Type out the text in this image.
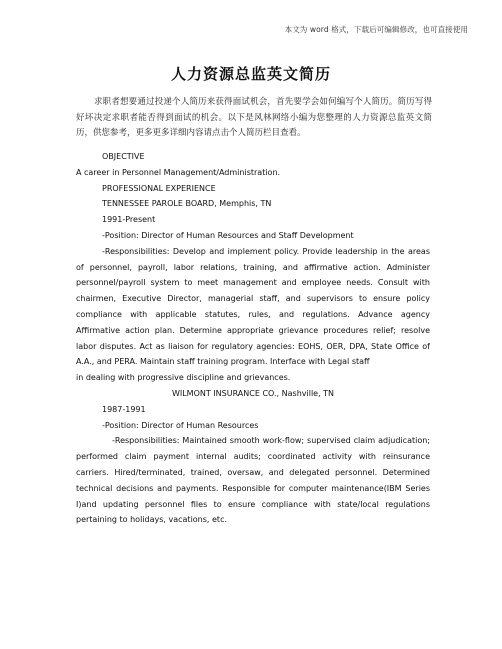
本文为 word 格式，下载后可编辑修改，也可直接使用
人力资源总监英文简历
求职者想要通过投递个人简历来获得面试机会，首先要学会如何编写个人简历。简历写得好坏决定求职者能否得到面试的机会。以下是风林网络小编为您整理的人力资源总监英文简历，供您参考，更多更多详细内容请点击个人简历栏目查看。

OBJECTIVE

A career in Personnel Management/Administration.

PROFESSIONAL EXPERIENCE

TENNESSEE PAROLE BOARD, Memphis, TN

1991-Present

-Position: Director of Human Resources and Staff Development

-Responsibilities: Develop and implement policy. Provide leadership in the areas of personnel, payroll, labor relations, training, and affirmative action. Administer personnel/payroll system to meet management and employee needs. Consult with chairmen, Executive Director, managerial staff, and supervisors to ensure policy compliance with applicable statutes, rules, and regulations. Advance agency Affirmative action plan. Determine appropriate grievance procedures relief; resolve labor disputes. Act as liaison for regulatory agencies: EOHS, OER, DPA, State Office of A.A., and PERA. Maintain staff training program. Interface with Legal staff

in dealing with progressive discipline and grievances.

WILMONT INSURANCE CO., Nashville, TN

1987-1991

-Position: Director of Human Resources

-Responsibilities: Maintained smooth work-flow; supervised claim adjudication; performed claim payment internal audits; coordinated activity with reinsurance carriers. Hired/terminated, trained, oversaw, and delegated personnel. Determined technical decisions and payments. Responsible for computer maintenance(IBM Series I)and updating personnel files to ensure compliance with state/local regulations pertaining to holidays, vacations, etc.
